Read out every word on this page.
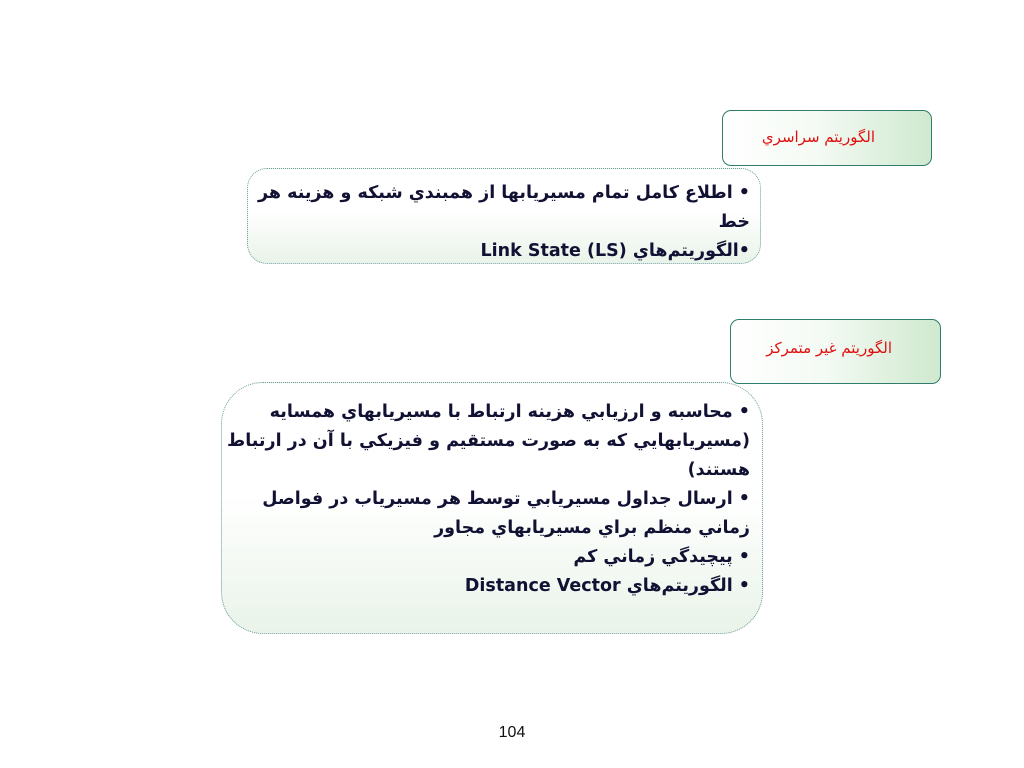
الگوريتم سراسري

• اطلاع كامل تمام مسيريابها از همبندي شبكه و هزينه هر خط

•الگوريتم‌هاي Link State (LS)

الگوريتم غير متمركز

• محاسبه و ارزيابي هزينه ارتباط با مسيريابهاي همسايه (مسيريابهايي كه به صورت مستقيم و فيزيكي با آن در ارتباط هستند)

• ارسال جداول مسيريابي توسط هر مسيرياب در فواصل زماني منظم براي مسيريابهاي مجاور

• پيچيدگي زماني كم

• الگوريتم‌هاي Distance Vector

104
